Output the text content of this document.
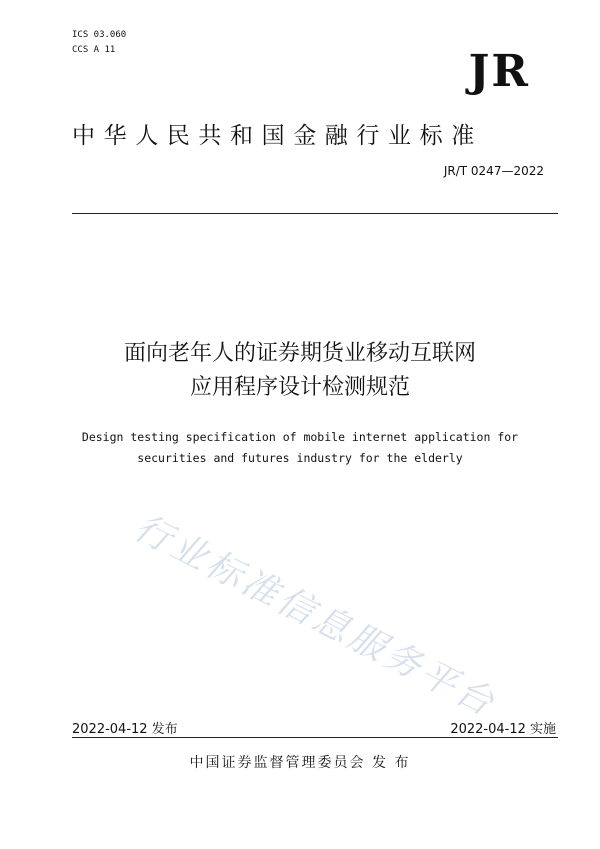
ICS 03.060
CCS A 11	JR
中华人民共和国金融行业标准
JR/T 0247—2022
面向老年人的证券期货业移动互联网
应用程序设计检测规范
Design testing specification of mobile internet application for
securities and futures industry for the elderly
行业标准信息服务平台
2022-04-12 发布	2022-04-12 实施
中国证券监督管理委员会 发 布
